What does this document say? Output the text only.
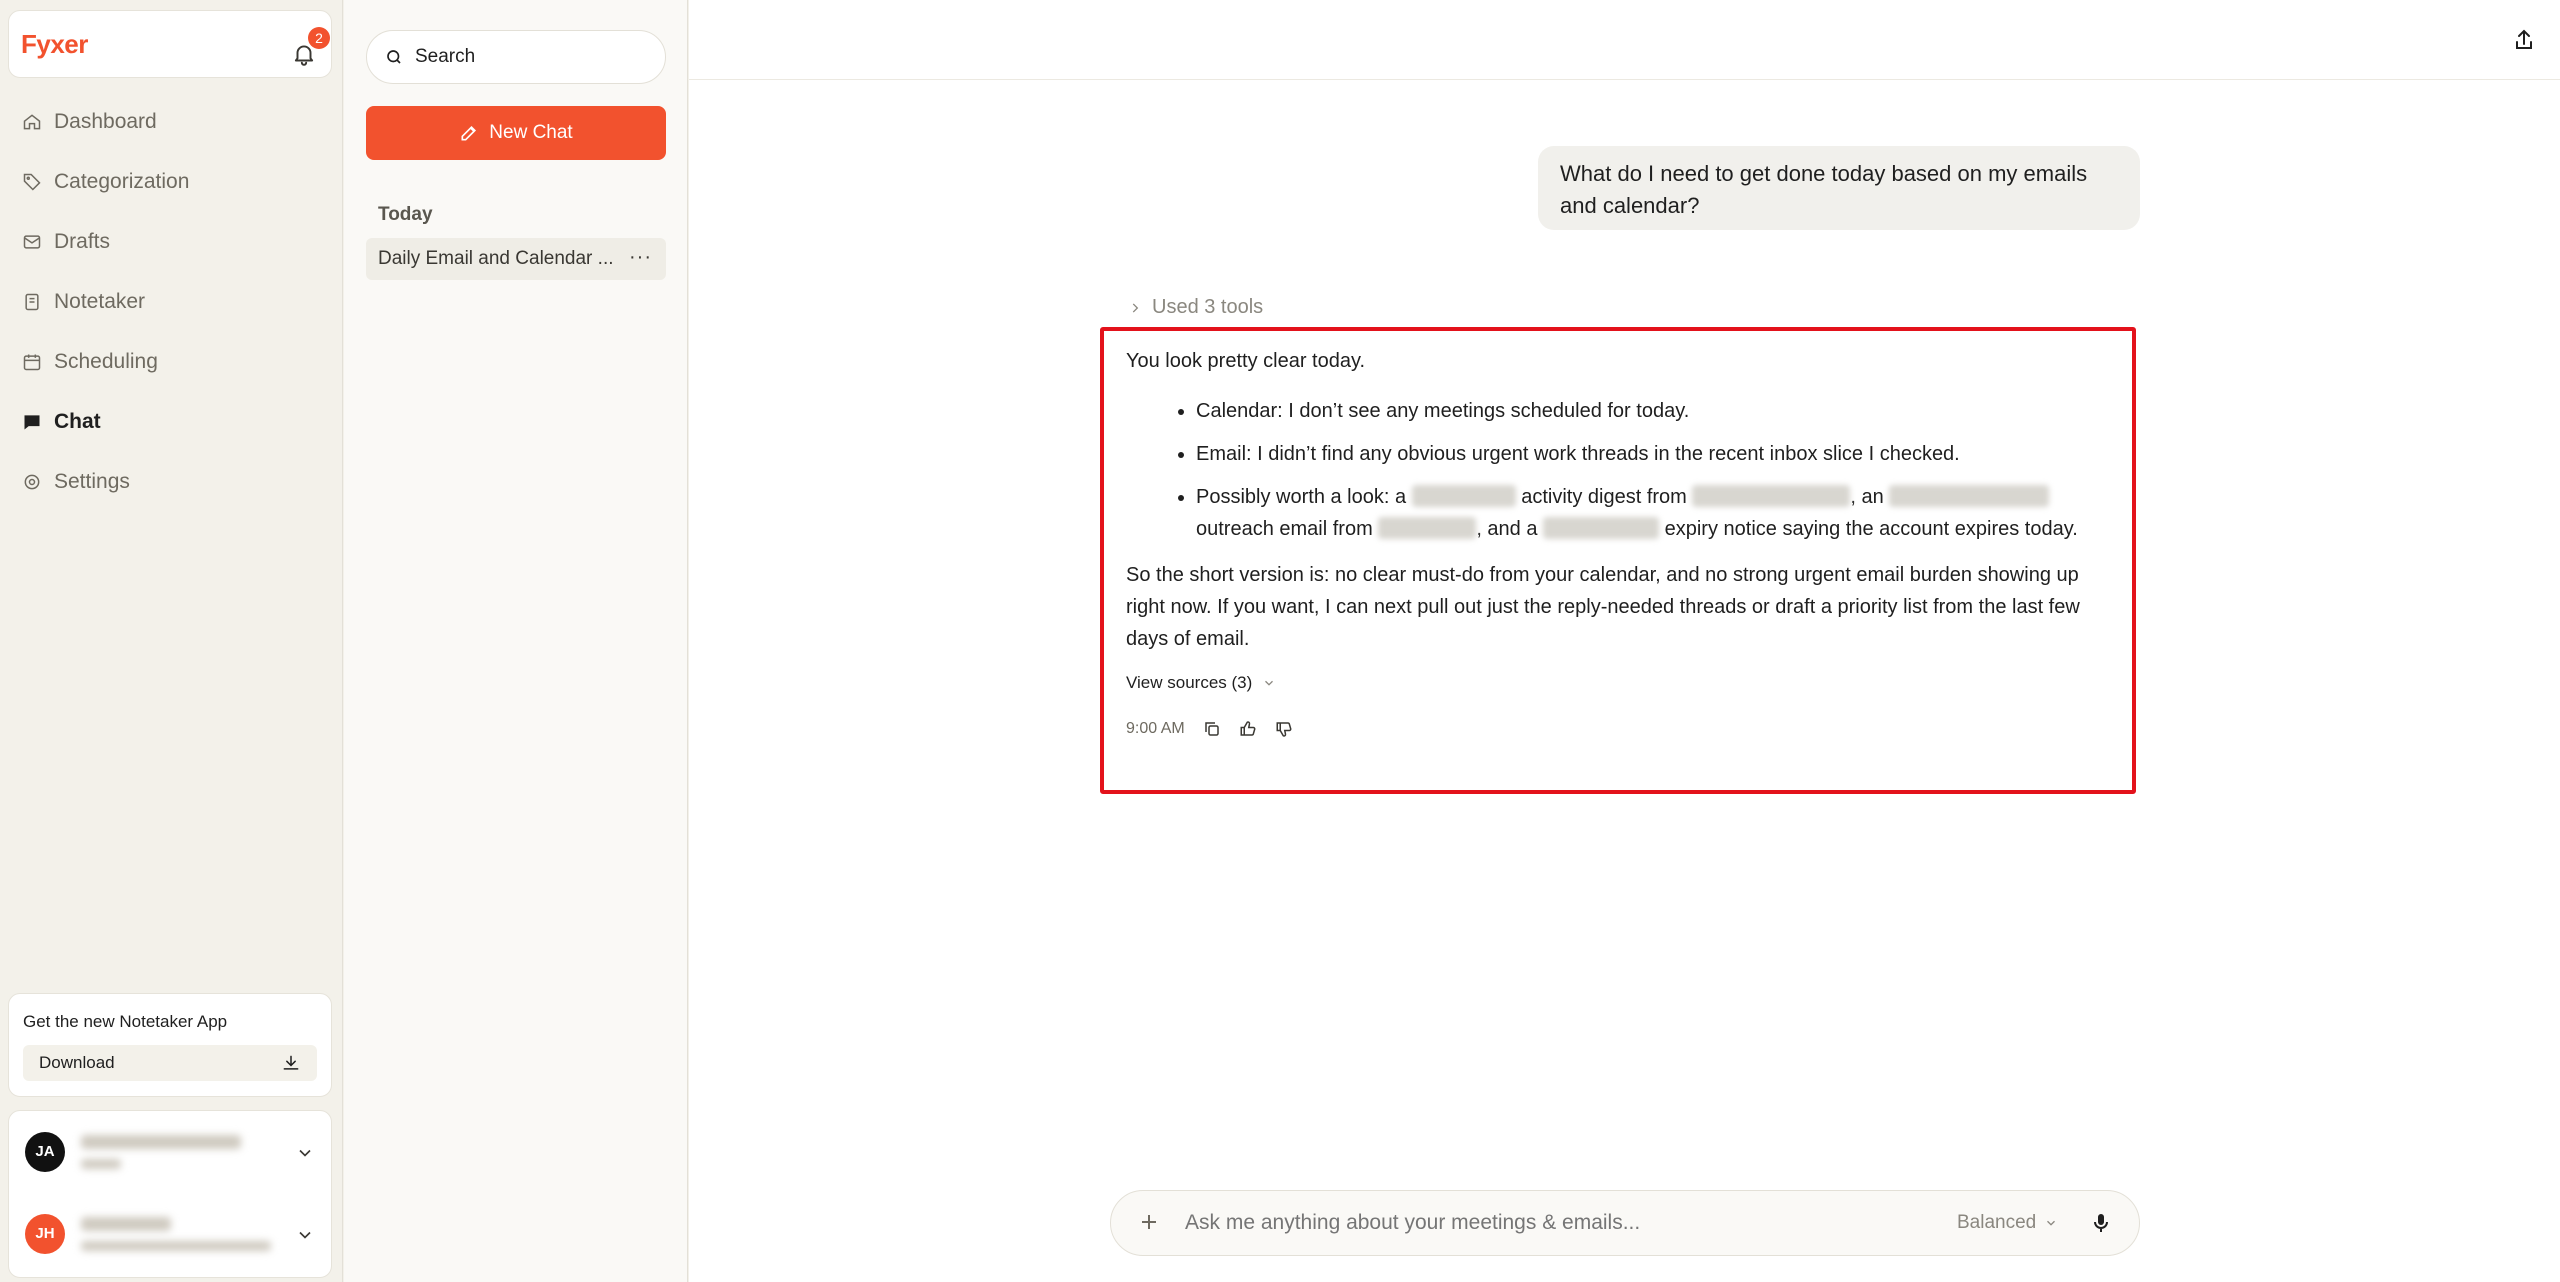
Fyxer	2
Dashboard
Categorization
Drafts
Notetaker
Scheduling
Chat
Settings
Get the new Notetaker App
Download
JA
JH
Search
New Chat
Today
Daily Email and Calendar ... ···
What do I need to get done today based on my emails and calendar?
Used 3 tools

You look pretty clear today.

• Calendar: I don’t see any meetings scheduled for today.
• Email: I didn’t find any obvious urgent work threads in the recent inbox slice I checked.
• Possibly worth a look: a	activity digest from	, an  outreach email from	, and a	expiry notice saying the account expires today.

So the short version is: no clear must-do from your calendar, and no strong urgent email burden showing up right now. If you want, I can next pull out just the reply-needed threads or draft a priority list from the last few days of email.

View sources (3)
9:00 AM
Ask me anything about your meetings & emails...
Balanced
